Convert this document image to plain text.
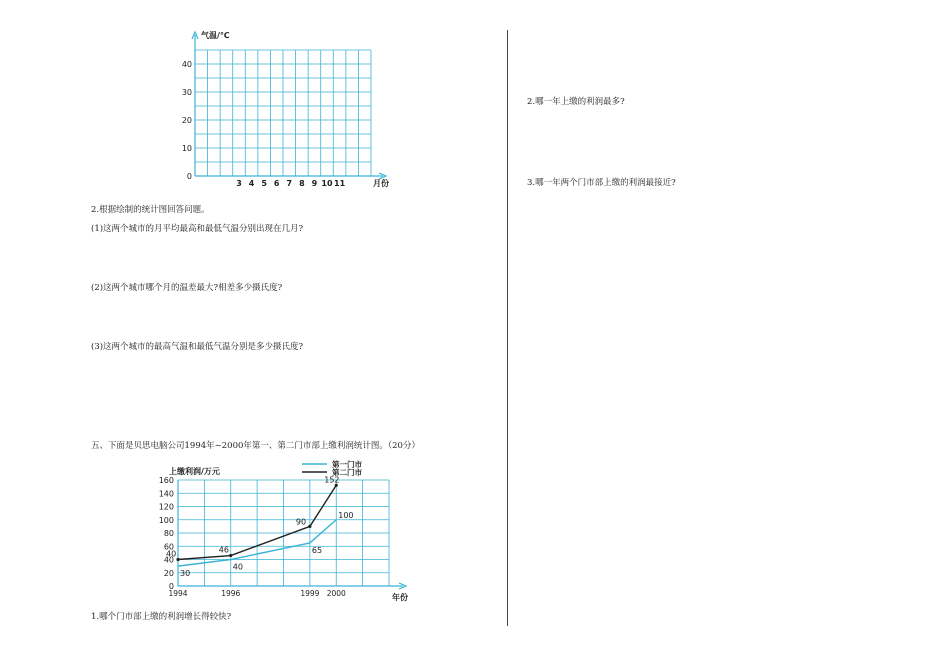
气温/℃
月份
0
10
20
30
40
3 4 5 6 7 8 9 10 11
2.根据绘制的统计图回答问题。
(1)这两个城市的月平均最高和最低气温分别出现在几月?
(2)这两个城市哪个月的温差最大?相差多少摄氏度?
(3)这两个城市的最高气温和最低气温分别是多少摄氏度?
五、下面是贝思电脑公司1994年~2000年第一、第二门市部上缴利润统计图。（20分）
上缴利润/万元
年份
第一门市
第二门市
0
20
40
60
80
100
120
140
160
1994	1996	1999 2000
30
40
65
100
40	46
90
152
1.哪个门市部上缴的利润增长得较快?
2.哪一年上缴的利润最多?
3.哪一年两个门市部上缴的利润最接近?
